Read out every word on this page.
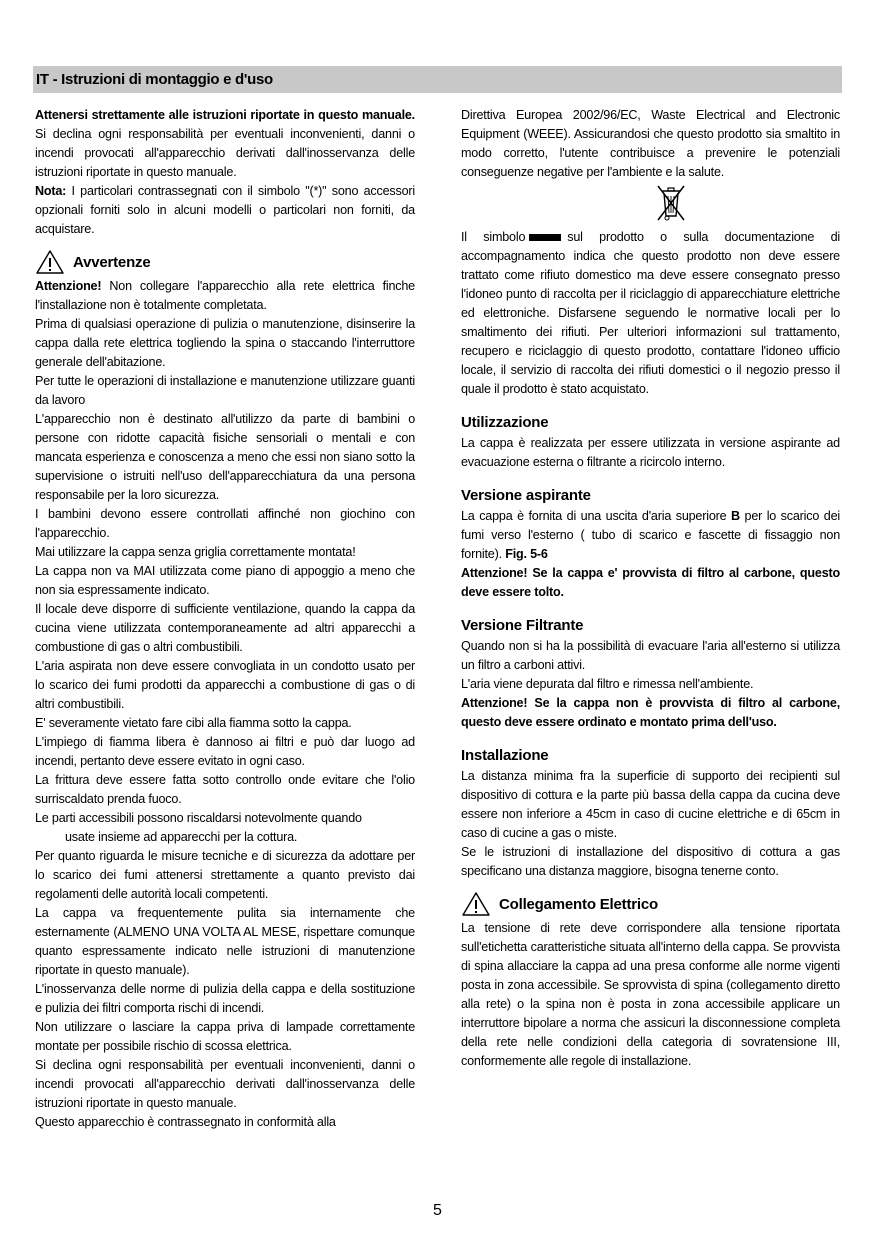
IT - Istruzioni di montaggio e d'uso

Attenersi strettamente alle istruzioni riportate in questo manuale. Si declina ogni responsabilità per eventuali inconvenienti, danni o incendi provocati all'apparecchio derivati dall'inosservanza delle istruzioni riportate in questo manuale.

Nota: I particolari contrassegnati con il simbolo "(*)" sono accessori opzionali forniti solo in alcuni modelli o particolari non forniti, da acquistare.

Avvertenze

Attenzione! Non collegare l'apparecchio alla rete elettrica finche l'installazione non è totalmente completata.

Prima di qualsiasi operazione di pulizia o manutenzione, disinserire la cappa dalla rete elettrica togliendo la spina o staccando l'interruttore generale dell'abitazione.

Per tutte le operazioni di installazione e manutenzione utilizzare guanti da lavoro

L'apparecchio non è destinato all'utilizzo da parte di bambini o persone con ridotte capacità fisiche sensoriali o mentali e con mancata esperienza e conoscenza a meno che essi non siano sotto la supervisione o istruiti nell'uso dell'apparecchiatura da una persona responsabile per la loro sicurezza.

I bambini devono essere controllati affinché non giochino con l'apparecchio.

Mai utilizzare la cappa senza griglia correttamente montata!

La cappa non va MAI utilizzata come piano di appoggio a meno che non sia espressamente indicato.

Il locale deve disporre di sufficiente ventilazione, quando la cappa da cucina viene utilizzata contemporaneamente ad altri apparecchi a combustione di gas o altri combustibili.

L'aria aspirata non deve essere convogliata in un condotto usato per lo scarico dei fumi prodotti da apparecchi a combustione di gas o di altri combustibili.

E' severamente vietato fare cibi alla fiamma sotto la cappa.

L'impiego di fiamma libera è dannoso ai filtri e può dar luogo ad incendi, pertanto deve essere evitato in ogni caso.

La frittura deve essere fatta sotto controllo onde evitare che l'olio surriscaldato prenda fuoco.

Le parti accessibili possono riscaldarsi notevolmente quando

usate insieme ad apparecchi per la cottura.

Per quanto riguarda le misure tecniche e di sicurezza da adottare per lo scarico dei fumi attenersi strettamente a quanto previsto dai regolamenti delle autorità locali competenti.

La cappa va frequentemente pulita sia internamente che esternamente (ALMENO UNA VOLTA AL MESE, rispettare comunque quanto espressamente indicato nelle istruzioni di manutenzione riportate in questo manuale).

L'inosservanza delle norme di pulizia della cappa e della sostituzione e pulizia dei filtri comporta rischi di incendi.

Non utilizzare o lasciare la cappa priva di lampade correttamente montate per possibile rischio di scossa elettrica.

Si declina ogni responsabilità per eventuali inconvenienti, danni o incendi provocati all'apparecchio derivati dall'inosservanza delle istruzioni riportate in questo manuale.

Questo apparecchio è contrassegnato in conformità alla

Direttiva Europea 2002/96/EC, Waste Electrical and Electronic Equipment (WEEE). Assicurandosi che questo prodotto sia smaltito in modo corretto, l'utente contribuisce a prevenire le potenziali conseguenze negative per l'ambiente e la salute.

Il simbolo	sul prodotto o sulla documentazione di accompagnamento indica che questo prodotto non deve essere trattato come rifiuto domestico ma deve essere consegnato presso l'idoneo punto di raccolta per il riciclaggio di apparecchiature elettriche ed elettroniche. Disfarsene seguendo le normative locali per lo smaltimento dei rifiuti. Per ulteriori informazioni sul trattamento, recupero e riciclaggio di questo prodotto, contattare l'idoneo ufficio locale, il servizio di raccolta dei rifiuti domestici o il negozio presso il quale il prodotto è stato acquistato.

Utilizzazione

La cappa è realizzata per essere utilizzata in versione aspirante ad evacuazione esterna o filtrante a ricircolo interno.

Versione aspirante

La cappa è fornita di una uscita d'aria superiore B per lo scarico dei fumi verso l'esterno ( tubo di scarico e fascette di fissaggio non fornite). Fig. 5-6

Attenzione! Se la cappa e' provvista di filtro al carbone, questo deve essere tolto.

Versione Filtrante

Quando non si ha la possibilità di evacuare l'aria all'esterno si utilizza un filtro a carboni attivi.

L'aria viene depurata dal filtro e rimessa nell'ambiente.

Attenzione! Se la cappa non è provvista di filtro al carbone, questo deve essere ordinato e montato prima dell'uso.

Installazione

La distanza minima fra la superficie di supporto dei recipienti sul dispositivo di cottura e la parte più bassa della cappa da cucina deve essere non inferiore a 45cm in caso di cucine elettriche e di 65cm in caso di cucine a gas o miste.

Se le istruzioni di installazione del dispositivo di cottura a gas specificano una distanza maggiore, bisogna tenerne conto.

Collegamento Elettrico

La tensione di rete deve corrispondere alla tensione riportata sull'etichetta caratteristiche situata all'interno della cappa. Se provvista di spina allacciare la cappa ad una presa conforme alle norme vigenti posta in zona accessibile. Se sprovvista di spina (collegamento diretto alla rete) o la spina non è posta in zona accessibile applicare un interruttore bipolare a norma che assicuri la disconnessione completa della rete nelle condizioni della categoria di sovratensione III, conformemente alle regole di installazione.

5
